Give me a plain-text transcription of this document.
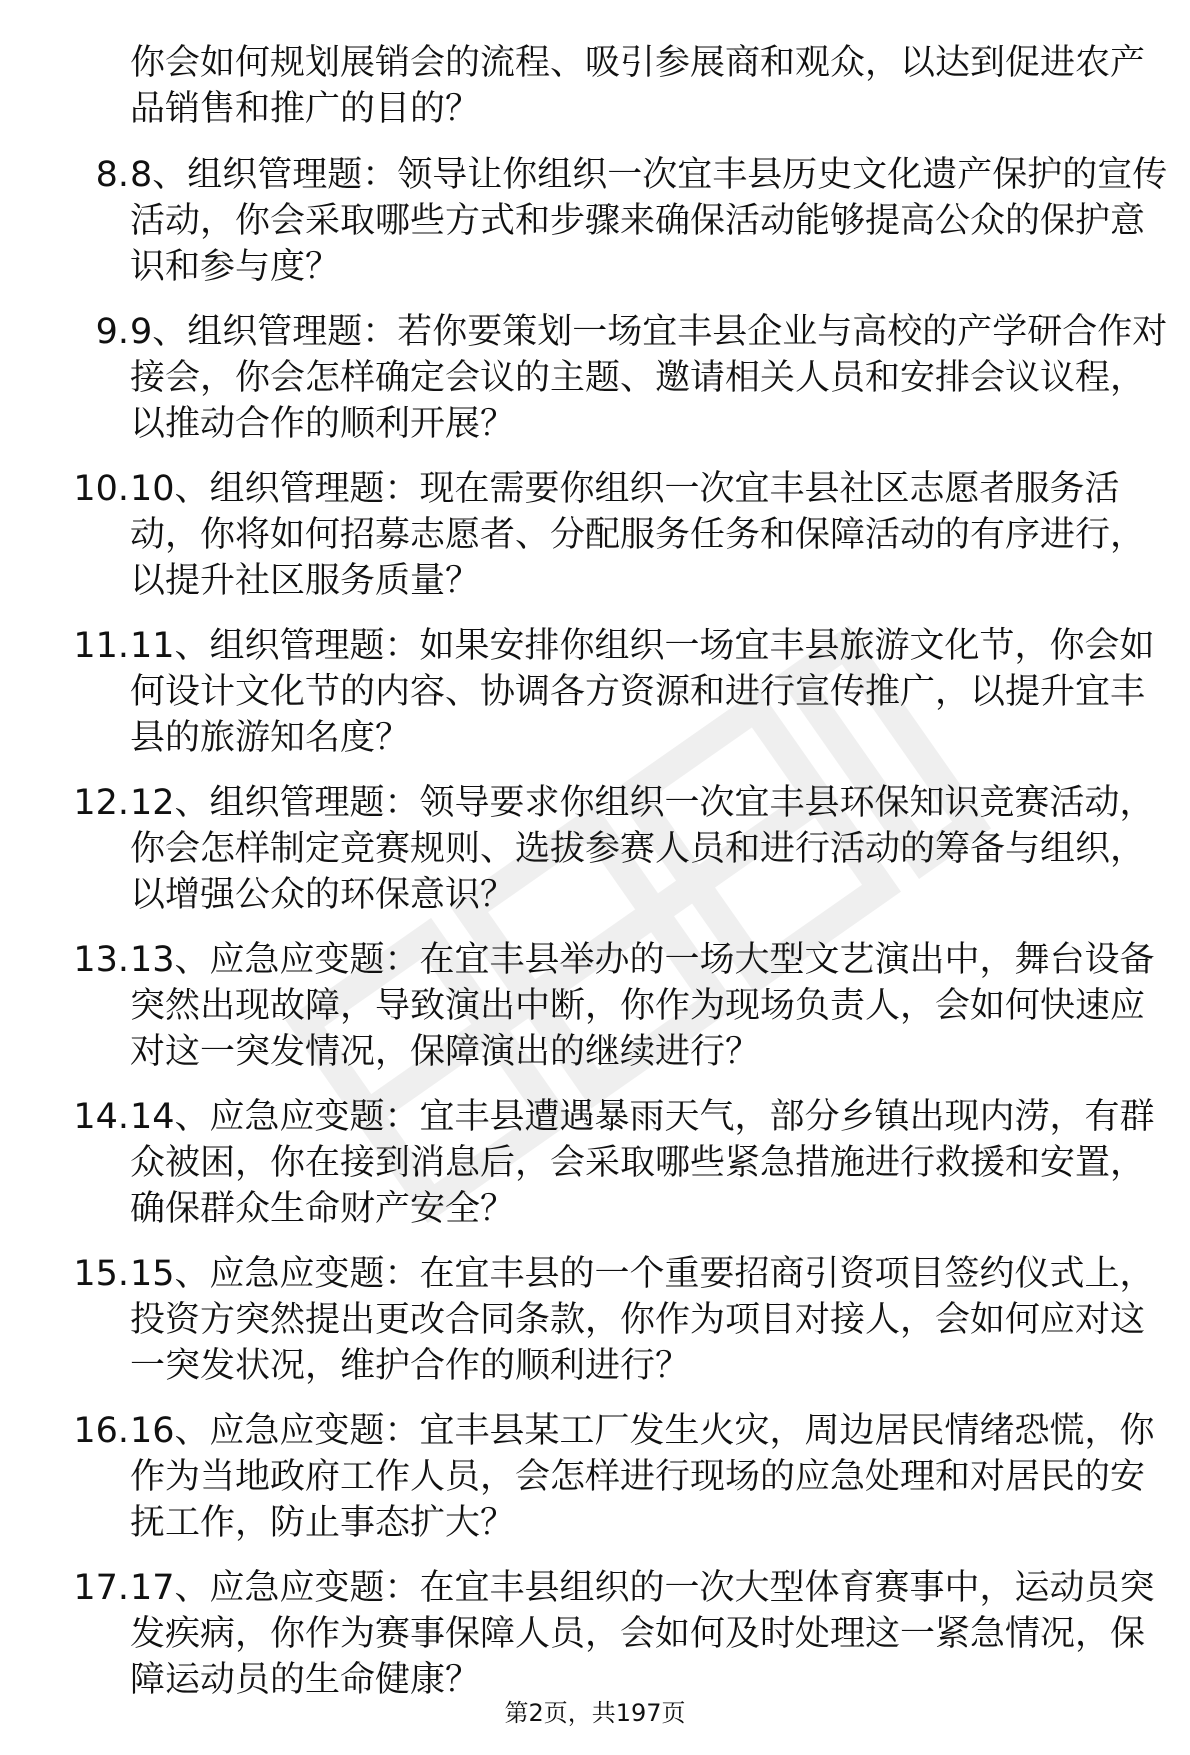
你会如何规划展销会的流程、吸引参展商和观众，以达到促进农产品销售和推广的目的？
8. 8、组织管理题：领导让你组织一次宜丰县历史文化遗产保护的宣传活动，你会采取哪些方式和步骤来确保活动能够提高公众的保护意识和参与度？
9. 9、组织管理题：若你要策划一场宜丰县企业与高校的产学研合作对接会，你会怎样确定会议的主题、邀请相关人员和安排会议议程，以推动合作的顺利开展？
10. 10、组织管理题：现在需要你组织一次宜丰县社区志愿者服务活动，你将如何招募志愿者、分配服务任务和保障活动的有序进行，以提升社区服务质量？
11. 11、组织管理题：如果安排你组织一场宜丰县旅游文化节，你会如何设计文化节的内容、协调各方资源和进行宣传推广，以提升宜丰县的旅游知名度？
12. 12、组织管理题：领导要求你组织一次宜丰县环保知识竞赛活动，你会怎样制定竞赛规则、选拔参赛人员和进行活动的筹备与组织，以增强公众的环保意识？
13. 13、应急应变题：在宜丰县举办的一场大型文艺演出中，舞台设备突然出现故障，导致演出中断，你作为现场负责人，会如何快速应对这一突发情况，保障演出的继续进行？
14. 14、应急应变题：宜丰县遭遇暴雨天气，部分乡镇出现内涝，有群众被困，你在接到消息后，会采取哪些紧急措施进行救援和安置，确保群众生命财产安全？
15. 15、应急应变题：在宜丰县的一个重要招商引资项目签约仪式上，投资方突然提出更改合同条款，你作为项目对接人，会如何应对这一突发状况，维护合作的顺利进行？
16. 16、应急应变题：宜丰县某工厂发生火灾，周边居民情绪恐慌，你作为当地政府工作人员，会怎样进行现场的应急处理和对居民的安抚工作，防止事态扩大？
17. 17、应急应变题：在宜丰县组织的一次大型体育赛事中，运动员突发疾病，你作为赛事保障人员，会如何及时处理这一紧急情况，保障运动员的生命健康？
第2页，共197页
